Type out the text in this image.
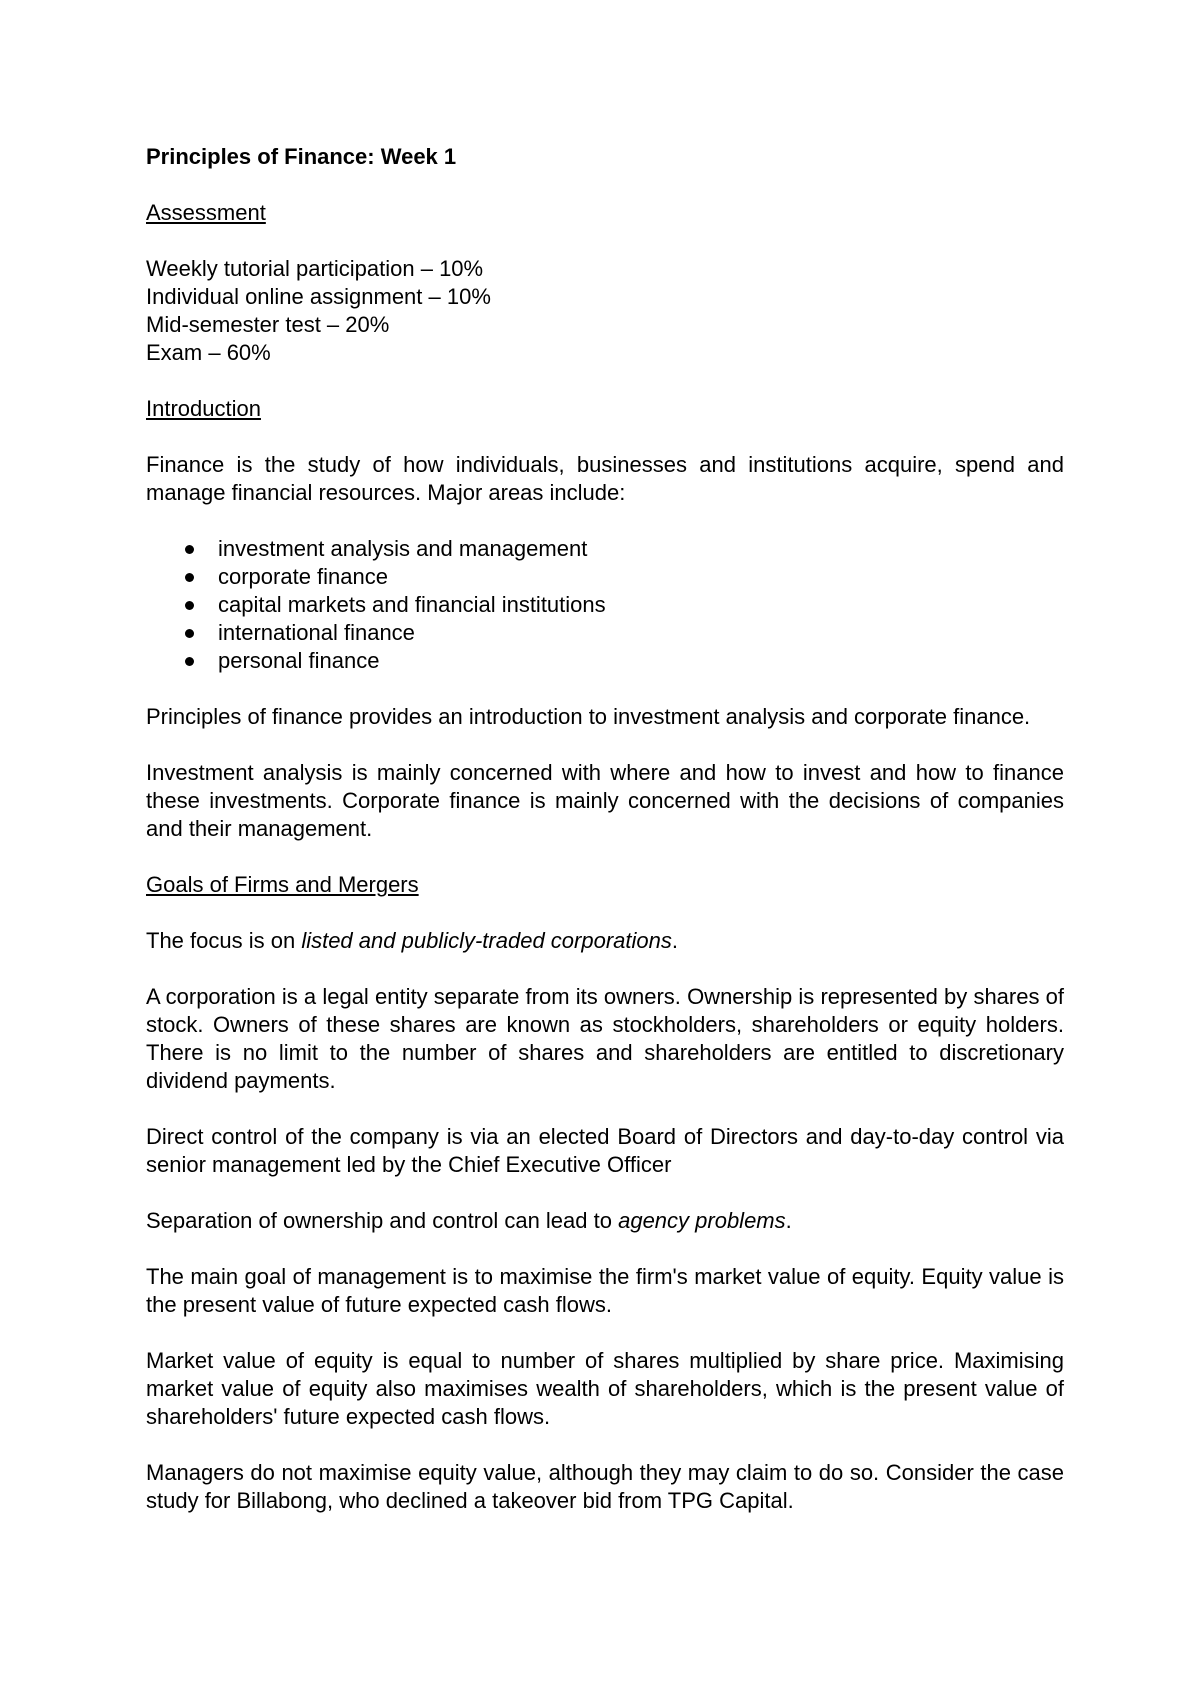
Principles of Finance: Week 1

Assessment

Weekly tutorial participation – 10%
Individual online assignment – 10%
Mid-semester test – 20%
Exam – 60%

Introduction

Finance is the study of how individuals, businesses and institutions acquire, spend and manage financial resources. Major areas include:

investment analysis and management
corporate finance
capital markets and financial institutions
international finance
personal finance

Principles of finance provides an introduction to investment analysis and corporate finance.

Investment analysis is mainly concerned with where and how to invest and how to finance these investments. Corporate finance is mainly concerned with the decisions of companies and their management.

Goals of Firms and Mergers

The focus is on listed and publicly-traded corporations.

A corporation is a legal entity separate from its owners. Ownership is represented by shares of stock. Owners of these shares are known as stockholders, shareholders or equity holders. There is no limit to the number of shares and shareholders are entitled to discretionary dividend payments.

Direct control of the company is via an elected Board of Directors and day-to-day control via senior management led by the Chief Executive Officer

Separation of ownership and control can lead to agency problems.

The main goal of management is to maximise the firm's market value of equity. Equity value is the present value of future expected cash flows.

Market value of equity is equal to number of shares multiplied by share price. Maximising market value of equity also maximises wealth of shareholders, which is the present value of shareholders' future expected cash flows.

Managers do not maximise equity value, although they may claim to do so. Consider the case study for Billabong, who declined a takeover bid from TPG Capital.
